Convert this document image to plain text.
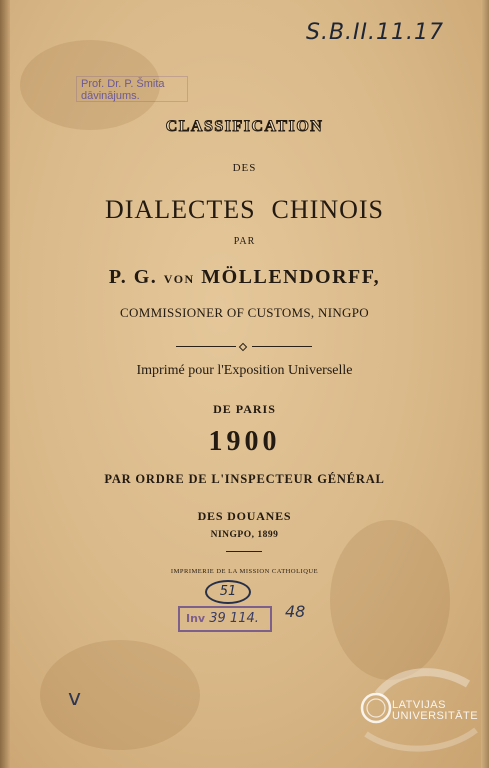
S.B.II.11.17
Prof. Dr. P. Šmita
dāvinājums.
CLASSIFICATION
DES
DIALECTES CHINOIS
PAR
P. G. VON MÖLLENDORFF,
COMMISSIONER OF CUSTOMS, NINGPO
Imprimé pour l'Exposition Universelle
DE PARIS
1900
PAR ORDRE DE L'INSPECTEUR GÉNÉRAL
DES DOUANES
NINGPO, 1899
IMPRIMERIE DE LA MISSION CATHOLIQUE
51
Inv 39 114.	48
v	LATVIJAS
UNIVERSITĀTE
